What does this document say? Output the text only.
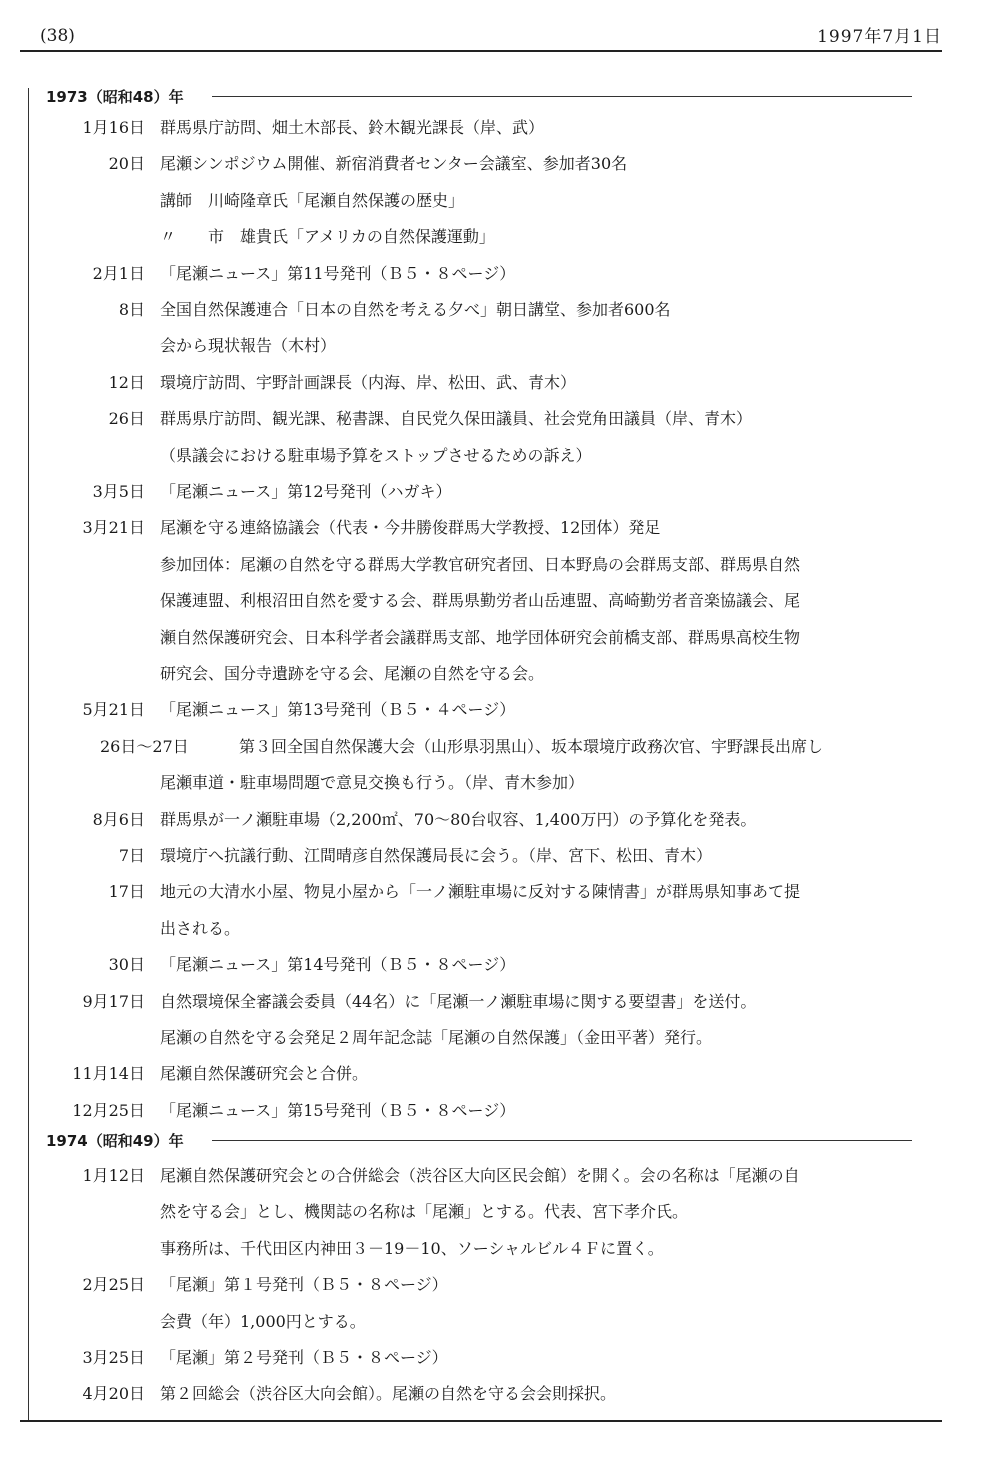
(38)	1997年7月1日
1973（昭和48）年
1月16日 群馬県庁訪問、畑土木部長、鈴木観光課長（岸、武）
20日 尾瀬シンポジウム開催、新宿消費者センター会議室、参加者30名
講師　川崎隆章氏「尾瀬自然保護の歴史」
〃　　市　雄貴氏「アメリカの自然保護運動」
2月1日 「尾瀬ニュース」第11号発刊（Ｂ５・８ページ）
8日 全国自然保護連合「日本の自然を考える夕べ」朝日講堂、参加者600名
会から現状報告（木村）
12日 環境庁訪問、宇野計画課長（内海、岸、松田、武、青木）
26日 群馬県庁訪問、観光課、秘書課、自民党久保田議員、社会党角田議員（岸、青木）
（県議会における駐車場予算をストップさせるための訴え）
3月5日 「尾瀬ニュース」第12号発刊（ハガキ）
3月21日 尾瀬を守る連絡協議会（代表・今井勝俊群馬大学教授、12団体）発足
参加団体：尾瀬の自然を守る群馬大学教官研究者団、日本野鳥の会群馬支部、群馬県自然
保護連盟、利根沼田自然を愛する会、群馬県勤労者山岳連盟、高崎勤労者音楽協議会、尾
瀬自然保護研究会、日本科学者会議群馬支部、地学団体研究会前橋支部、群馬県高校生物
研究会、国分寺遺跡を守る会、尾瀬の自然を守る会。
5月21日 「尾瀬ニュース」第13号発刊（Ｂ５・４ページ）
26日～27日	第３回全国自然保護大会（山形県羽黒山）、坂本環境庁政務次官、宇野課長出席し
尾瀬車道・駐車場問題で意見交換も行う。（岸、青木参加）
8月6日 群馬県が一ノ瀬駐車場（2,200㎡、70～80台収容、1,400万円）の予算化を発表。
7日 環境庁へ抗議行動、江間晴彦自然保護局長に会う。（岸、宮下、松田、青木）
17日 地元の大清水小屋、物見小屋から「一ノ瀬駐車場に反対する陳情書」が群馬県知事あて提
出される。
30日 「尾瀬ニュース」第14号発刊（Ｂ５・８ページ）
9月17日 自然環境保全審議会委員（44名）に「尾瀬一ノ瀬駐車場に関する要望書」を送付。
尾瀬の自然を守る会発足２周年記念誌「尾瀬の自然保護」（金田平著）発行。
11月14日 尾瀬自然保護研究会と合併。
12月25日 「尾瀬ニュース」第15号発刊（Ｂ５・８ページ）
1974（昭和49）年
1月12日 尾瀬自然保護研究会との合併総会（渋谷区大向区民会館）を開く。会の名称は「尾瀬の自
然を守る会」とし、機関誌の名称は「尾瀬」とする。代表、宮下孝介氏。
事務所は、千代田区内神田３－19－10、ソーシャルビル４Ｆに置く。
2月25日 「尾瀬」第１号発刊（Ｂ５・８ページ）
会費（年）1,000円とする。
3月25日 「尾瀬」第２号発刊（Ｂ５・８ページ）
4月20日 第２回総会（渋谷区大向会館）。尾瀬の自然を守る会会則採択。
